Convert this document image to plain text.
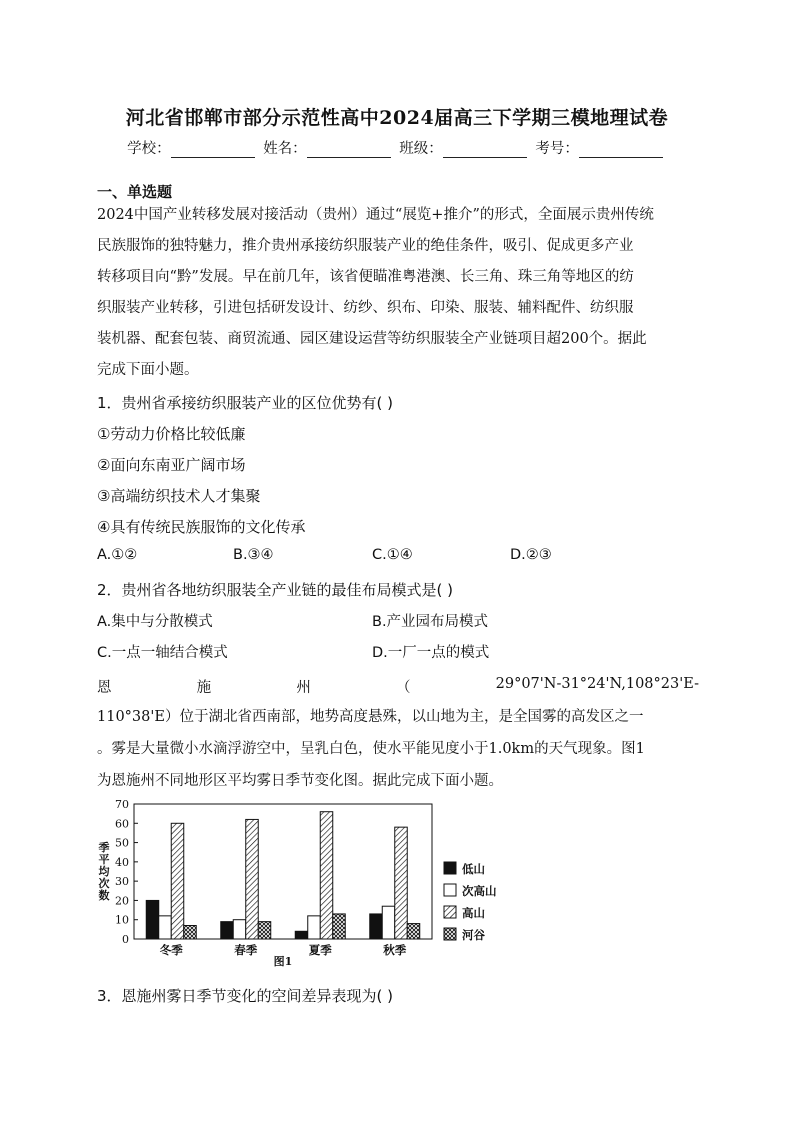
河北省邯郸市部分示范性高中2024届高三下学期三模地理试卷
学校：	姓名：	班级：	考号：
一、单选题
2024中国产业转移发展对接活动（贵州）通过“展览+推介”的形式，全面展示贵州传统
民族服饰的独特魅力，推介贵州承接纺织服装产业的绝佳条件，吸引、促成更多产业
转移项目向“黔”发展。早在前几年，该省便瞄准粤港澳、长三角、珠三角等地区的纺
织服装产业转移，引进包括研发设计、纺纱、织布、印染、服装、辅料配件、纺织服
装机器、配套包装、商贸流通、园区建设运营等纺织服装全产业链项目超200个。据此
完成下面小题。
1．贵州省承接纺织服装产业的区位优势有( )
①劳动力价格比较低廉
②面向东南亚广阔市场
③高端纺织技术人才集聚
④具有传统民族服饰的文化传承
A.①②	B.③④	C.①④	D.②③
2．贵州省各地纺织服装全产业链的最佳布局模式是( )
A.集中与分散模式	B.产业园布局模式
C.一点一轴结合模式	D.一厂一点的模式
恩	施	州	（	29°07'N-31°24'N,108°23'E-
110°38'E）位于湖北省西南部，地势高度悬殊，以山地为主，是全国雾的高发区之一
。雾是大量微小水滴浮游空中，呈乳白色，使水平能见度小于1.0km的天气现象。图1
为恩施州不同地形区平均雾日季节变化图。据此完成下面小题。
0
10
20
30
40
50
60
70
季
平
均
次
数
冬季	春季	夏季	秋季
图1
低山
次高山
高山
河谷
3．恩施州雾日季节变化的空间差异表现为( )
